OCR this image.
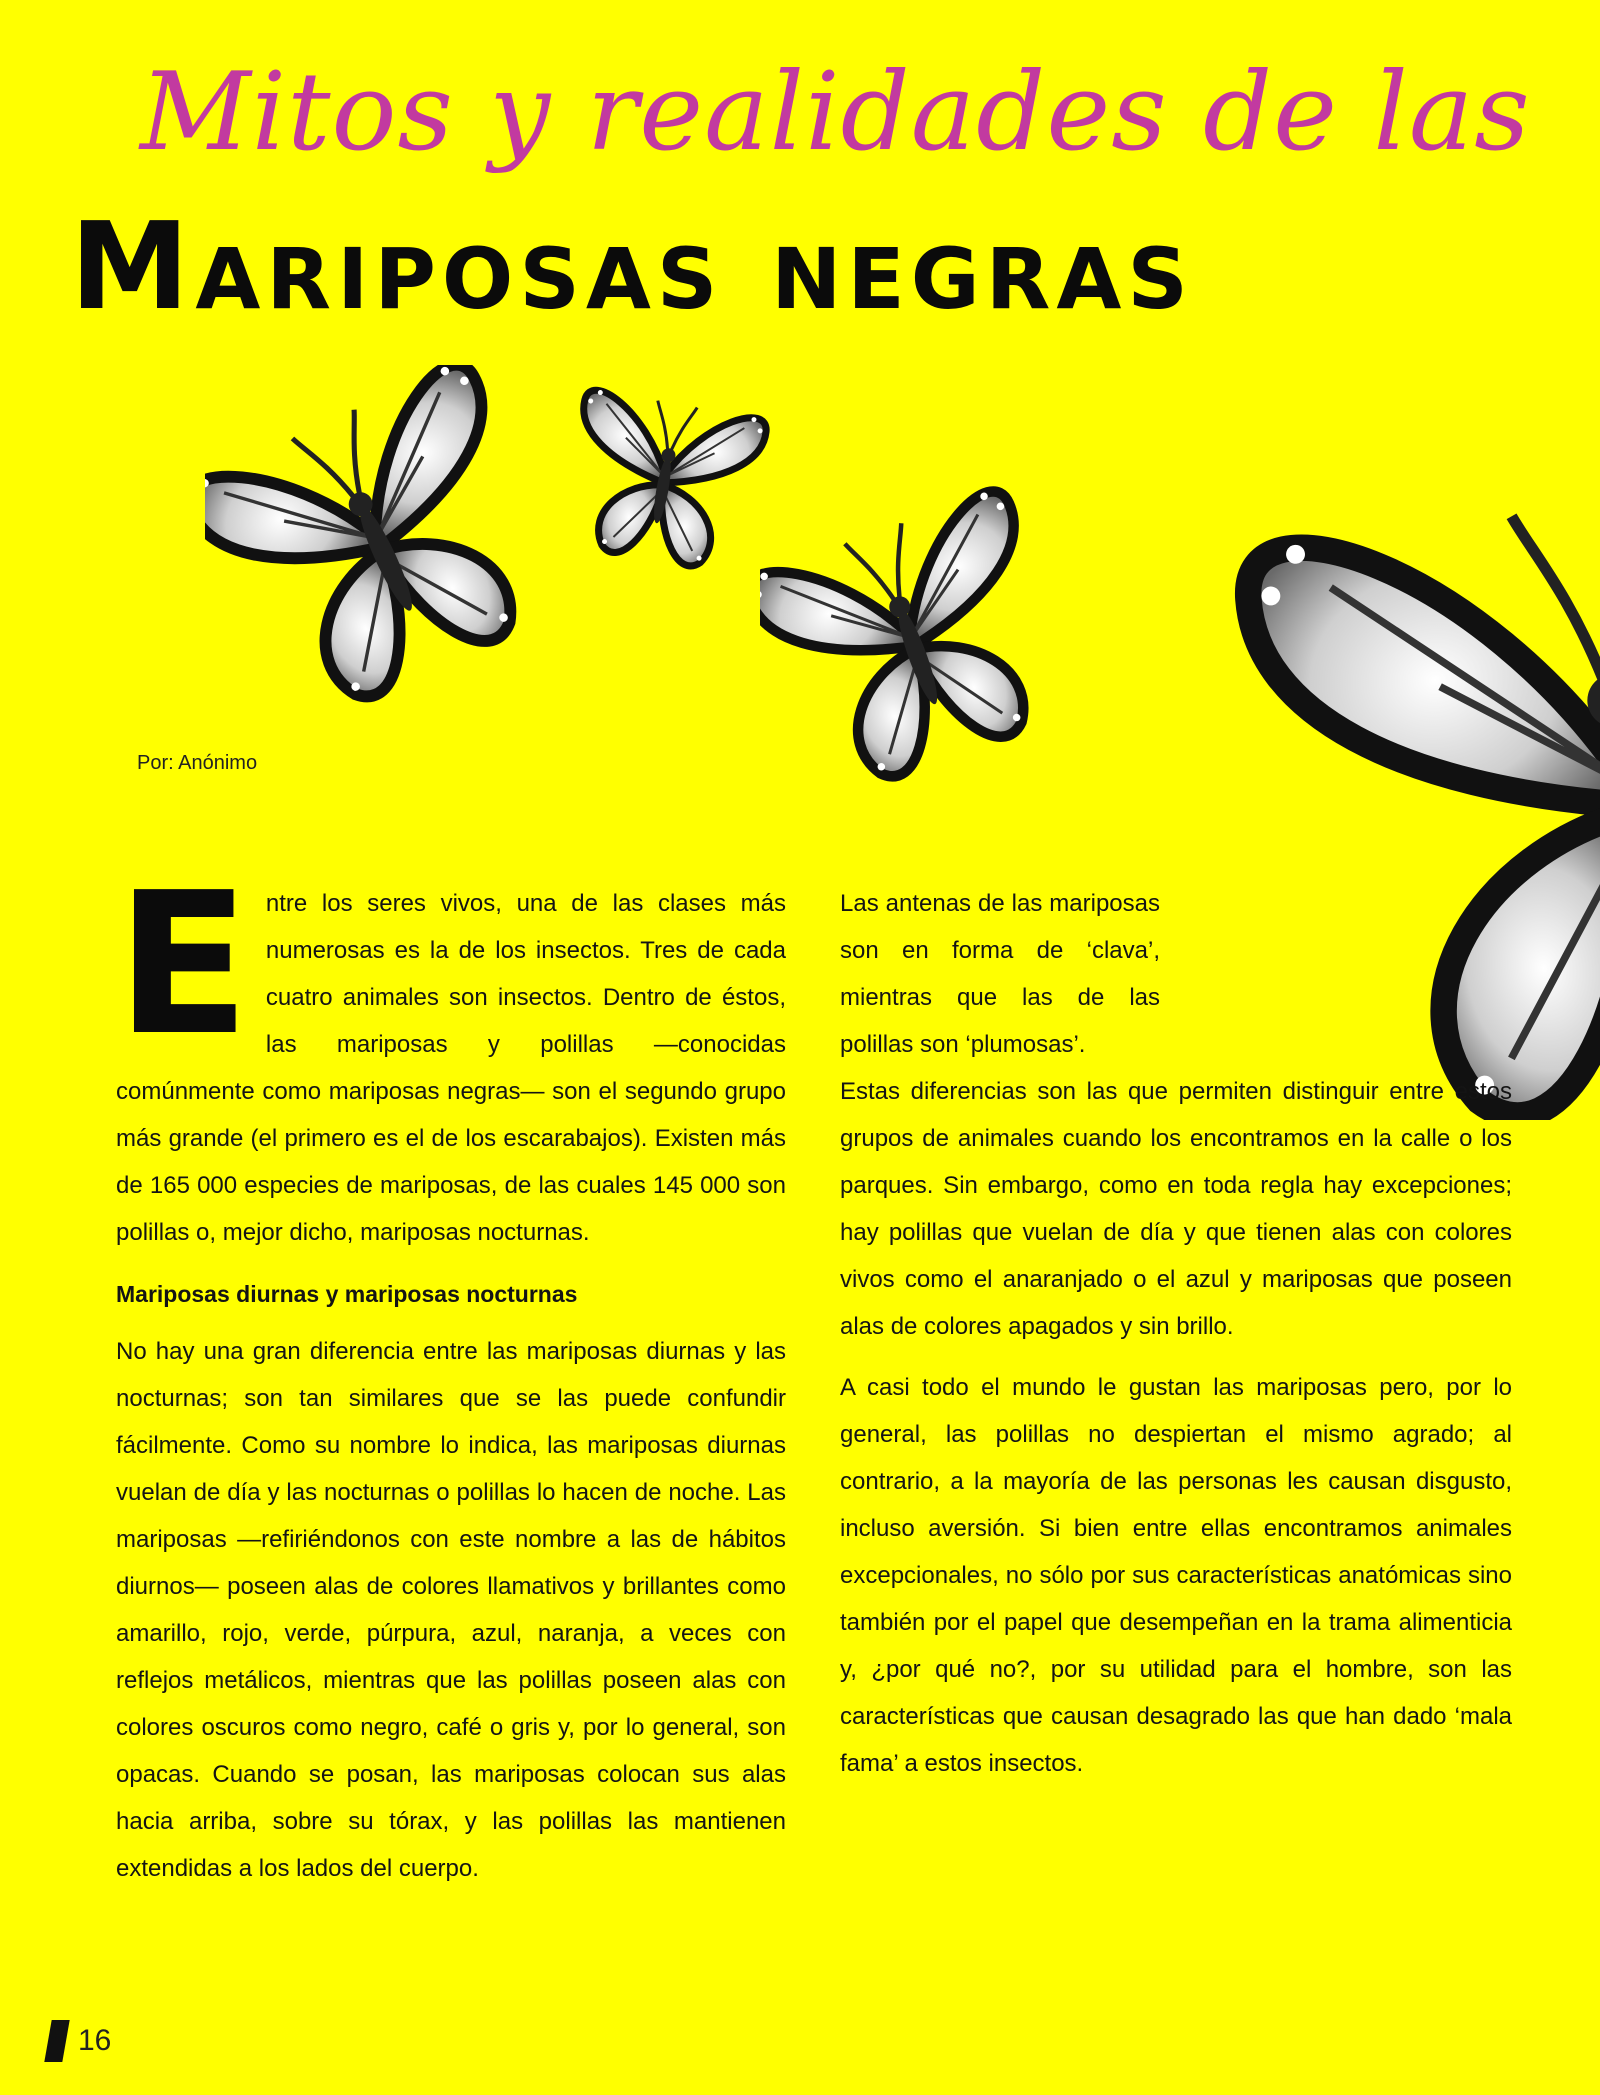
Mitos y realidades de las
Mariposas negras
Por: Anónimo
E ntre los seres vivos, una de las clases más numerosas es la de los insectos. Tres de cada cuatro animales son insectos. Dentro de éstos, las mariposas y polillas —conocidas comúnmente como mariposas negras— son el segundo grupo más grande (el primero es el de los escarabajos). Existen más de 165 000 especies de mariposas, de las cuales 145 000 son polillas o, mejor dicho, mariposas nocturnas.

Mariposas diurnas y mariposas nocturnas

No hay una gran diferencia entre las mariposas diurnas y las nocturnas; son tan similares que se las puede confundir fácilmente. Como su nombre lo indica, las mariposas diurnas vuelan de día y las nocturnas o polillas lo hacen de noche. Las mariposas —refiriéndonos con este nombre a las de hábitos diurnos— poseen alas de colores llamativos y brillantes como amarillo, rojo, verde, púrpura, azul, naranja, a veces con reflejos metálicos, mientras que las polillas poseen alas con colores oscuros como negro, café o gris y, por lo general, son opacas. Cuando se posan, las mariposas colocan sus alas hacia arriba, sobre su tórax, y las polillas las mantienen extendidas a los lados del cuerpo.

Las antenas de las mariposas son en forma de ‘clava’, mientras que las de las polillas son ‘plumosas’.

Estas diferencias son las que permiten distinguir entre estos grupos de animales cuando los encontramos en la calle o los parques. Sin embargo, como en toda regla hay excepciones; hay polillas que vuelan de día y que tienen alas con colores vivos como el anaranjado o el azul y mariposas que poseen alas de colores apagados y sin brillo.

A casi todo el mundo le gustan las mariposas pero, por lo general, las polillas no despiertan el mismo agrado; al contrario, a la mayoría de las personas les causan disgusto, incluso aversión. Si bien entre ellas encontramos animales excepcionales, no sólo por sus características anatómicas sino también por el papel que desempeñan en la trama alimenticia y, ¿por qué no?, por su utilidad para el hombre, son las características que causan desagrado las que han dado ‘mala fama’ a estos insectos.

16
